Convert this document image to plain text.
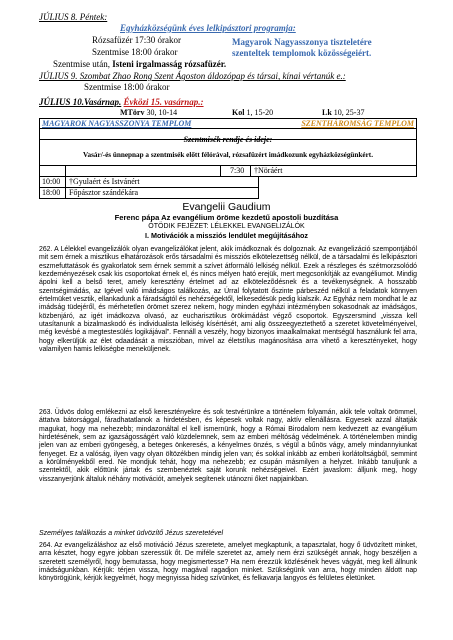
JÚLIUS 8. Péntek:
Egyházközségünk éves lelkipásztori programja:
Rózsafüzér 17:30 órakor
Szentmise 18:00 órakor
Magyarok Nagyasszonya tiszteletére
szenteltek templomok közösségeiért.
Szentmise után, Isteni irgalmasság rózsafüzér.
JÚLIUS 9. Szombat Zhao Rong Szent Ágoston áldozópap és társai, kínai vértanúk e.:
Szentmise 18:00 órakor
JÚLIUS 10.Vasárnap. Évközi 15. vasárnap.:
MTörv 30, 10-14	Kol 1, 15-20	Lk 10, 25-37
MAGYAROK NAGYASSZONYA TEMPLOM	SZENTHÁROMSÁG TEMPLOM
Szentmisék rendje és ideje:
Vasár/-és ünnepnap a szentmisék előtt félórával, rózsafüzért imádkozunk egyházközségünkért.
7:30 †Nöráért
10:00 †Gyulaért és Istvánért
18:00 Főpásztor szándékára
Evangelii Gaudium
Ferenc pápa Az evangélium öröme kezdetű apostoli buzdítása
ÖTÖDIK FEJEZET: LÉLEKKEL EVANGELIZÁLÓK
I. Motivációk a missziós lendület megújításához

262. A Lélekkel evangelizálók olyan evangelizálókat jelent, akik imádkoznak és dolgoznak. Az evangelizáció szempontjából mit sem érnek a misztikus elhatározások erős társadalmi és missziós elkötelezettség nélkül, de a társadalmi és lelkipásztori eszmefuttatások és gyakorlatok sem érnek semmit a szívet átformáló lelkiség nélkül. Ezek a részleges és szétmorzsolódó kezdeményezések csak kis csoportokat érnek el, és nincs mélyen ható erejük, mert megcsonkítják az evangéliumot. Mindig ápolni kell a belső teret, amely keresztény értelmet ad az elkötelezõdésnek és a tevékenységnek. A hosszabb szentségimádás, az Igével való imádságos találkozás, az Úrral folytatott őszinte párbeszéd nélkül a feladatok könnyen értelmüket vesztik, ellankadunk a fáradságtól és nehézségektől, lelkesedésük pedig kialszik. Az Egyház nem mondhat le az imádság tüdejéről, és mérhetetlen örömet szerez nekem, hogy minden egyházi intézményben sokasodnak az imádságos, közbenjáró, az igét imádkozva olvasó, az eucharisztikus örökimádást végző csoportok. Egyszersmind „vissza kell utasítanunk a bizalmaskodó és individualista lelkiség kísértését, ami alig összeegyeztethető a szeretet követelményeivel, még kevésbé a megtestesülés logikájával”. Fennáll a veszély, hogy bizonyos imaalkalmakat mentségül használunk fel arra, hogy elkerüljük az élet odaadását a misszióban, mivel az életstílus magánosítása arra vihető a keresztényeket, hogy valamilyen hamis lelkiségbe meneküljenek.

263. Üdvös dolog emlékezni az első keresztényekre és sok testvérünkre a történelem folyamán, akik tele voltak örömmel, áttatva bátorsággal, fáradhatatlanok a hirdetésben, és képesek voltak nagy, aktív ellenállásra. Egyesek azzal áltatják magukat, hogy ma nehezebb; mindazonáltal el kell ismernünk, hogy a Római Birodalom nem kedvezett az evangélium hirdetésének, sem az igazságosságért való küzdelemnek, sem az emberi méltóság védelmének. A történelemben mindig jelen van az emberi gyöngeség, a beteges önkeresés, a kényelmes önzés, s végül a bűnös vágy, amely mindannyiunkat fenyeget. Ez a valóság, ilyen vagy olyan öltözékben mindig jelen van; és sokkal inkább az emberi korlátoltságból, semmint a körülményekből ered. Ne mondjuk tehát, hogy ma nehezebb; ez csupán másmilyen a helyzet. Inkább tanuljunk a szentektől, akik előttünk jártak és szembenéztek saját korunk nehézségeivel. Ezért javaslom: álljunk meg, hogy visszanyerjünk általuk néhány motivációt, amelyek segítenek utánozni őket napjainkban.

Személyes találkozás a minket üdvözítő Jézus szeretetével

264. Az evangelizáláshoz az első motiváció Jézus szeretete, amelyet megkaptunk, a tapasztalat, hogy ő üdvözített minket, arra késztet, hogy egyre jobban szeressük őt. De miféle szeretet az, amely nem érzi szükségét annak, hogy beszéljen a szeretett személyről, hogy bemutassa, hogy megismertesse? Ha nem érezzük közlésének heves vágyát, meg kell állnunk imádságunkban. Kérjük: térjen vissza, hogy magával ragadjon minket. Szükségünk van arra, hogy minden áldott nap könyörögjünk, kérjük kegyelmét, hogy megnyissa hideg szívünket, és felkavarja langyos és felületes életünket.
